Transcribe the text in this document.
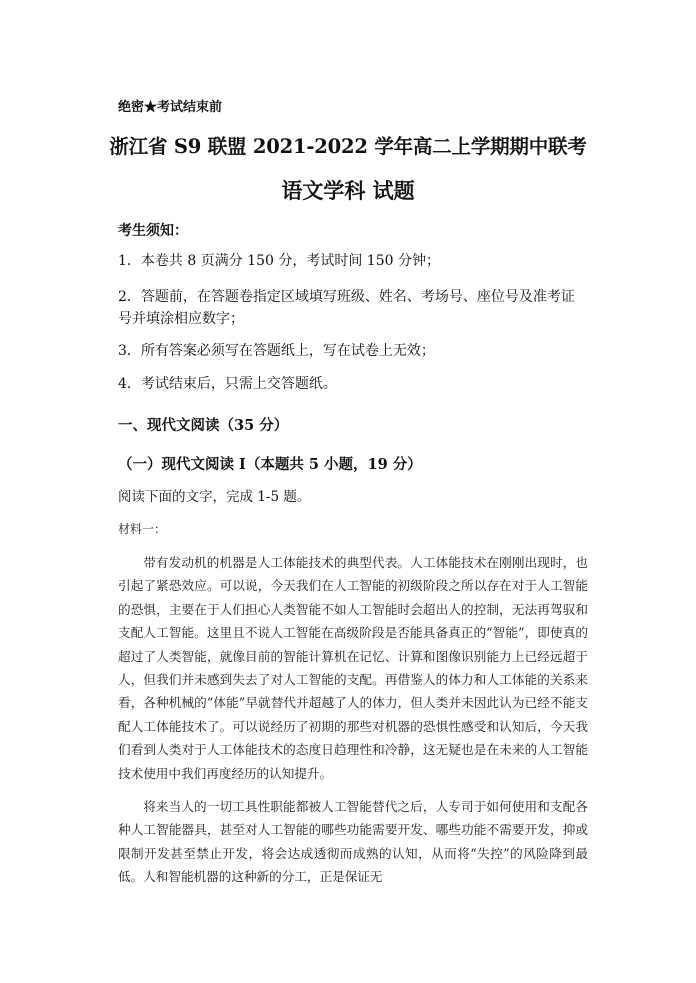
绝密★考试结束前
浙江省 S9 联盟 2021-2022 学年高二上学期期中联考
语文学科 试题
考生须知：
1．本卷共 8 页满分 150 分，考试时间 150 分钟；
2．答题前，在答题卷指定区域填写班级、姓名、考场号、座位号及准考证号并填涂相应数字；
3．所有答案必须写在答题纸上，写在试卷上无效；
4．考试结束后，只需上交答题纸。
一、现代文阅读（35 分）
（一）现代文阅读 I（本题共 5 小题，19 分）
阅读下面的文字，完成 1-5 题。
材料一：
带有发动机的机器是人工体能技术的典型代表。人工体能技术在刚刚出现时，也引起了紧恐效应。可以说，今天我们在人工智能的初级阶段之所以存在对于人工智能的恐惧，主要在于人们担心人类智能不如人工智能时会超出人的控制，无法再驾驭和支配人工智能。这里且不说人工智能在高级阶段是否能具备真正的“智能”，即使真的超过了人类智能，就像目前的智能计算机在记忆、计算和图像识别能力上已经远超于人，但我们并未感到失去了对人工智能的支配。再借鉴人的体力和人工体能的关系来看，各种机械的“体能”早就替代并超越了人的体力，但人类并未因此认为已经不能支配人工体能技术了。可以说经历了初期的那些对机器的恐惧性感受和认知后，今天我们看到人类对于人工体能技术的态度日趋理性和冷静，这无疑也是在未来的人工智能技术使用中我们再度经历的认知提升。
将来当人的一切工具性职能都被人工智能替代之后，人专司于如何使用和支配各种人工智能器具，甚至对人工智能的哪些功能需要开发、哪些功能不需要开发，抑或限制开发甚至禁止开发，将会达成透彻而成熟的认知，从而将“失控”的风险降到最低。人和智能机器的这种新的分工，正是保证无
